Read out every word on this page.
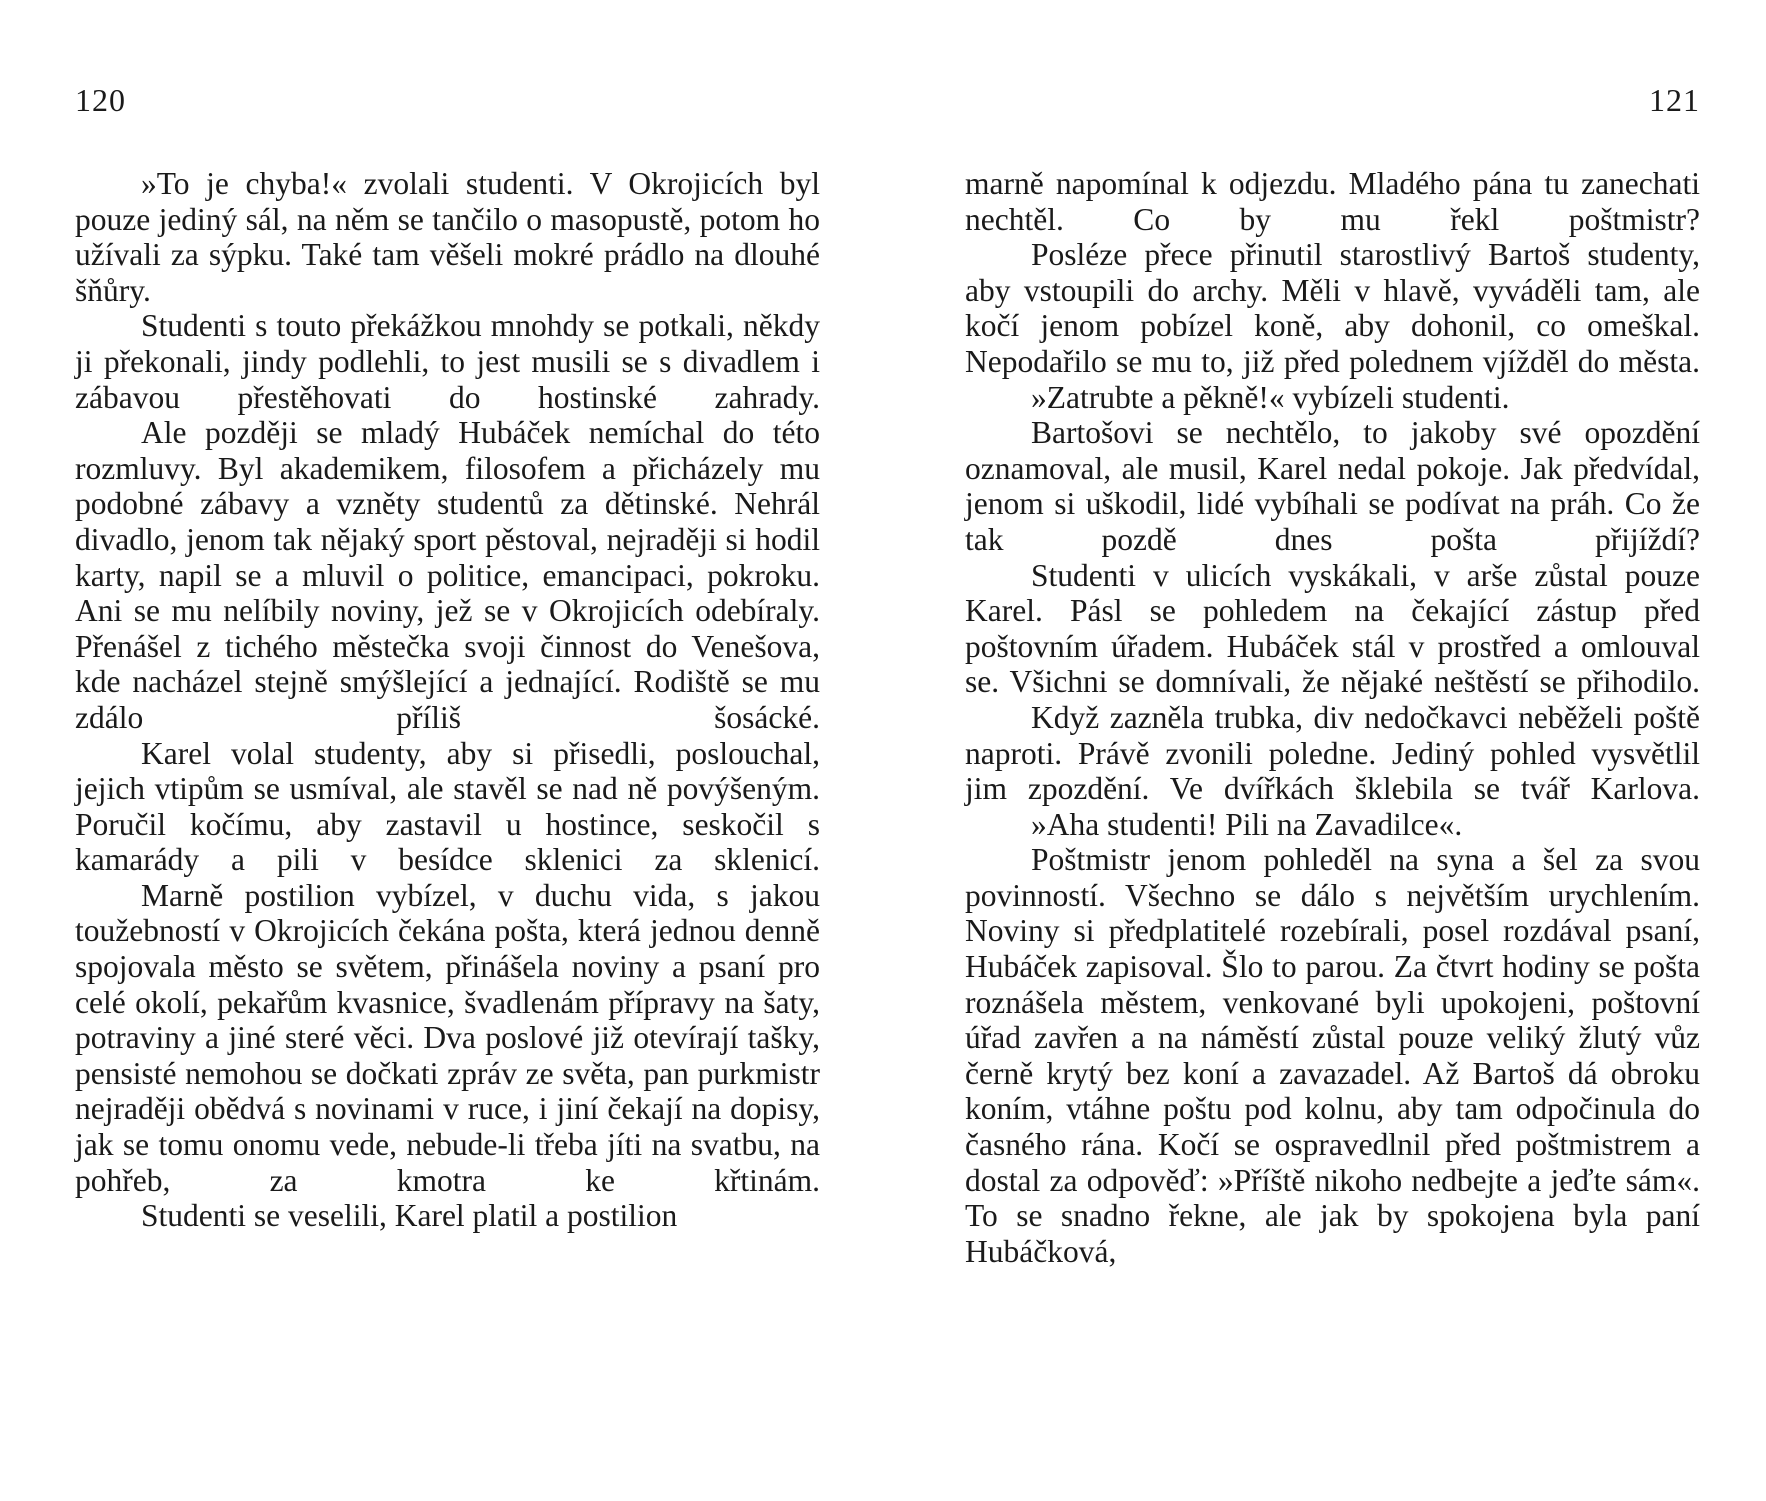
120

»To je chyba!« zvolali studenti. V Okrojicích byl pouze jediný sál, na něm se tančilo o masopustě, potom ho užívali za sýpku. Také tam věšeli mokré prádlo na dlouhé šňůry.

Studenti s touto překážkou mnohdy se potkali, někdy ji překonali, jindy podlehli, to jest musili se s divadlem i zábavou přestěhovati do hostinské zahrady.

Ale později se mladý Hubáček nemíchal do této rozmluvy. Byl akademikem, filosofem a přicházely mu podobné zábavy a vzněty studentů za dětinské. Nehrál divadlo, jenom tak nějaký sport pěstoval, nejraději si hodil karty, napil se a mluvil o politice, emancipaci, pokroku. Ani se mu nelíbily noviny, jež se v Okrojicích odebíraly. Přenášel z tichého městečka svoji činnost do Venešova, kde nacházel stejně smýšlející a jednající. Rodiště se mu zdálo příliš šosácké.

Karel volal studenty, aby si přisedli, poslouchal, jejich vtipům se usmíval, ale stavěl se nad ně povýšeným. Poručil kočímu, aby zastavil u hostince, seskočil s kamarády a pili v besídce sklenici za sklenicí.

Marně postilion vybízel, v duchu vida, s jakou toužebností v Okrojicích čekána pošta, která jednou denně spojovala město se světem, přinášela noviny a psaní pro celé okolí, pekařům kvasnice, švadlenám přípravy na šaty, potraviny a jiné steré věci. Dva poslové již otevírají tašky, pensisté nemohou se dočkati zpráv ze světa, pan purkmistr nejraději obědvá s novinami v ruce, i jiní čekají na dopisy, jak se tomu onomu vede, nebude-li třeba jíti na svatbu, na pohřeb, za kmotra ke křtinám.

Studenti se veselili, Karel platil a postilion

121

marně napomínal k odjezdu. Mladého pána tu zanechati nechtěl. Co by mu řekl poštmistr?

Posléze přece přinutil starostlivý Bartoš studenty, aby vstoupili do archy. Měli v hlavě, vyváděli tam, ale kočí jenom pobízel koně, aby dohonil, co omeškal. Nepodařilo se mu to, již před polednem vjížděl do města.

»Zatrubte a pěkně!« vybízeli studenti.

Bartošovi se nechtělo, to jakoby své opozdění oznamoval, ale musil, Karel nedal pokoje. Jak předvídal, jenom si uškodil, lidé vybíhali se podívat na práh. Co že tak pozdě dnes pošta přijíždí?

Studenti v ulicích vyskákali, v arše zůstal pouze Karel. Pásl se pohledem na čekající zástup před poštovním úřadem. Hubáček stál v prostřed a omlouval se. Všichni se domnívali, že nějaké neštěstí se přihodilo.

Když zazněla trubka, div nedočkavci neběželi poště naproti. Právě zvonili poledne. Jediný pohled vysvětlil jim zpozdění. Ve dvířkách šklebila se tvář Karlova.

»Aha studenti! Pili na Zavadilce«.

Poštmistr jenom pohleděl na syna a šel za svou povinností. Všechno se dálo s největším urychlením. Noviny si předplatitelé rozebírali, posel rozdával psaní, Hubáček zapisoval. Šlo to parou. Za čtvrt hodiny se pošta roznášela městem, venkované byli upokojeni, poštovní úřad zavřen a na náměstí zůstal pouze veliký žlutý vůz černě krytý bez koní a zavazadel. Až Bartoš dá obroku koním, vtáhne poštu pod kolnu, aby tam odpočinula do časného rána. Kočí se ospravedlnil před poštmistrem a dostal za odpověď: »Příště nikoho nedbejte a jeďte sám«. To se snadno řekne, ale jak by spokojena byla paní Hubáčková,
